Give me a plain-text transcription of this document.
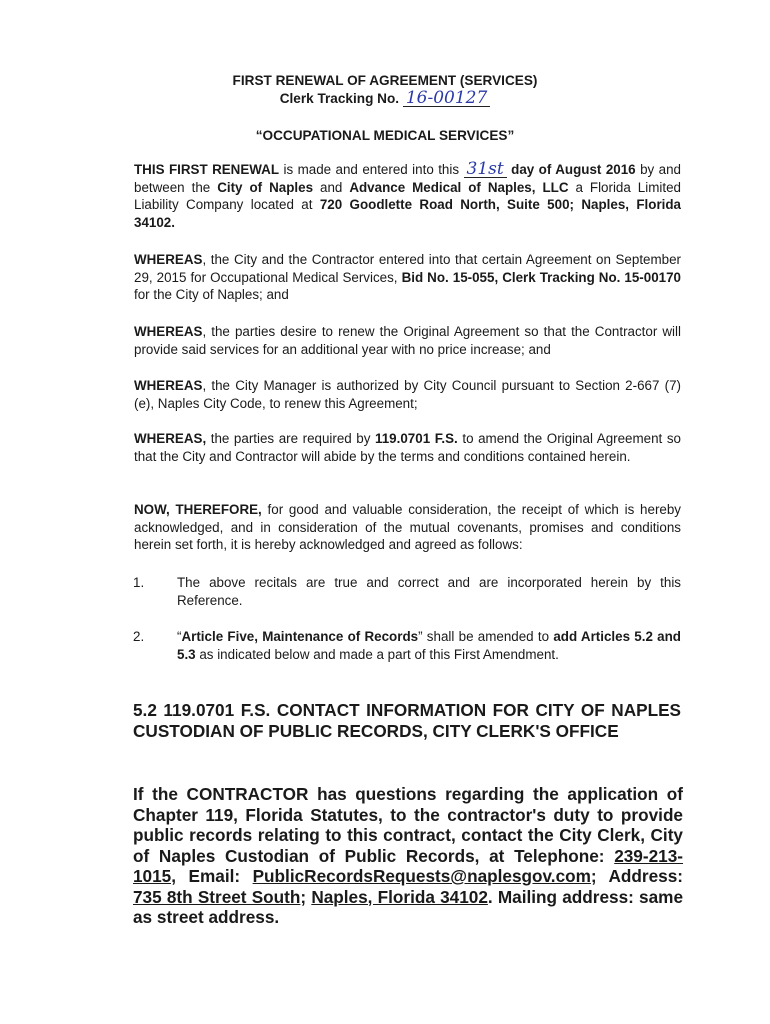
FIRST RENEWAL OF AGREEMENT (SERVICES)
Clerk Tracking No. 16-00127
“OCCUPATIONAL MEDICAL SERVICES”

THIS FIRST RENEWAL is made and entered into this 31st day of August 2016 by and between the City of Naples and Advance Medical of Naples, LLC a Florida Limited Liability Company located at 720 Goodlette Road North, Suite 500; Naples, Florida 34102.

WHEREAS, the City and the Contractor entered into that certain Agreement on September 29, 2015 for Occupational Medical Services, Bid No. 15-055, Clerk Tracking No. 15-00170 for the City of Naples; and

WHEREAS, the parties desire to renew the Original Agreement so that the Contractor will provide said services for an additional year with no price increase; and

WHEREAS, the City Manager is authorized by City Council pursuant to Section 2-667 (7)(e), Naples City Code, to renew this Agreement;

WHEREAS, the parties are required by 119.0701 F.S. to amend the Original Agreement so that the City and Contractor will abide by the terms and conditions contained herein.

NOW, THEREFORE, for good and valuable consideration, the receipt of which is hereby acknowledged, and in consideration of the mutual covenants, promises and conditions herein set forth, it is hereby acknowledged and agreed as follows:

1. The above recitals are true and correct and are incorporated herein by this Reference.
2. “Article Five, Maintenance of Records” shall be amended to add Articles 5.2 and 5.3 as indicated below and made a part of this First Amendment.
5.2 119.0701 F.S. CONTACT INFORMATION FOR CITY OF NAPLES CUSTODIAN OF PUBLIC RECORDS, CITY CLERK'S OFFICE
If the CONTRACTOR has questions regarding the application of Chapter 119, Florida Statutes, to the contractor's duty to provide public records relating to this contract, contact the City Clerk, City of Naples Custodian of Public Records, at Telephone: 239-213-1015, Email: PublicRecordsRequests@naplesgov.com; Address: 735 8th Street South; Naples, Florida 34102. Mailing address: same as street address.
